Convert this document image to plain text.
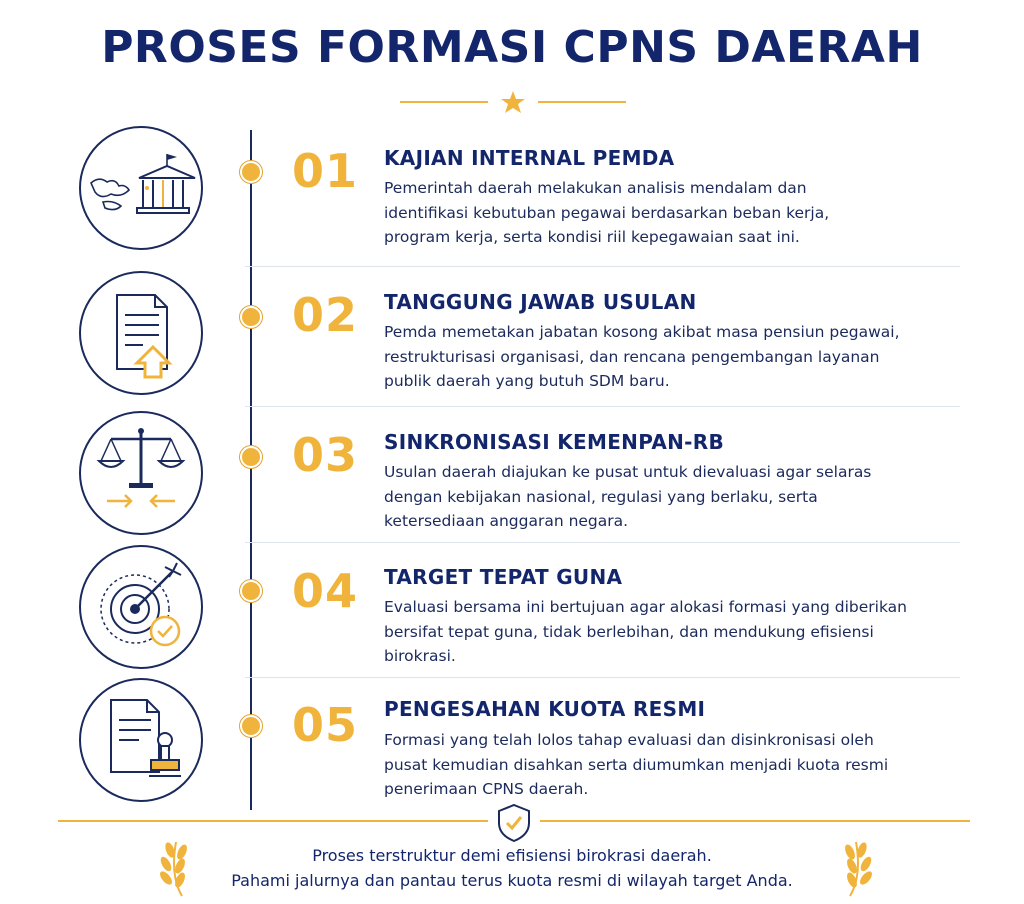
PROSES FORMASI CPNS DAERAH
01 KAJIAN INTERNAL PEMDA
Pemerintah daerah melakukan analisis mendalam dan
identifikasi kebutuban pegawai berdasarkan beban kerja,
program kerja, serta kondisi riil kepegawaian saat ini.
02 TANGGUNG JAWAB USULAN
Pemda memetakan jabatan kosong akibat masa pensiun pegawai,
restrukturisasi organisasi, dan rencana pengembangan layanan
publik daerah yang butuh SDM baru.
03 SINKRONISASI KEMENPAN-RB
Usulan daerah diajukan ke pusat untuk dievaluasi agar selaras
dengan kebijakan nasional, regulasi yang berlaku, serta
ketersediaan anggaran negara.
04 TARGET TEPAT GUNA
Evaluasi bersama ini bertujuan agar alokasi formasi yang diberikan
bersifat tepat guna, tidak berlebihan, dan mendukung efisiensi
birokrasi.
05 PENGESAHAN KUOTA RESMI
Formasi yang telah lolos tahap evaluasi dan disinkronisasi oleh
pusat kemudian disahkan serta diumumkan menjadi kuota resmi
penerimaan CPNS daerah.
Proses terstruktur demi efisiensi birokrasi daerah.
Pahami jalurnya dan pantau terus kuota resmi di wilayah target Anda.
